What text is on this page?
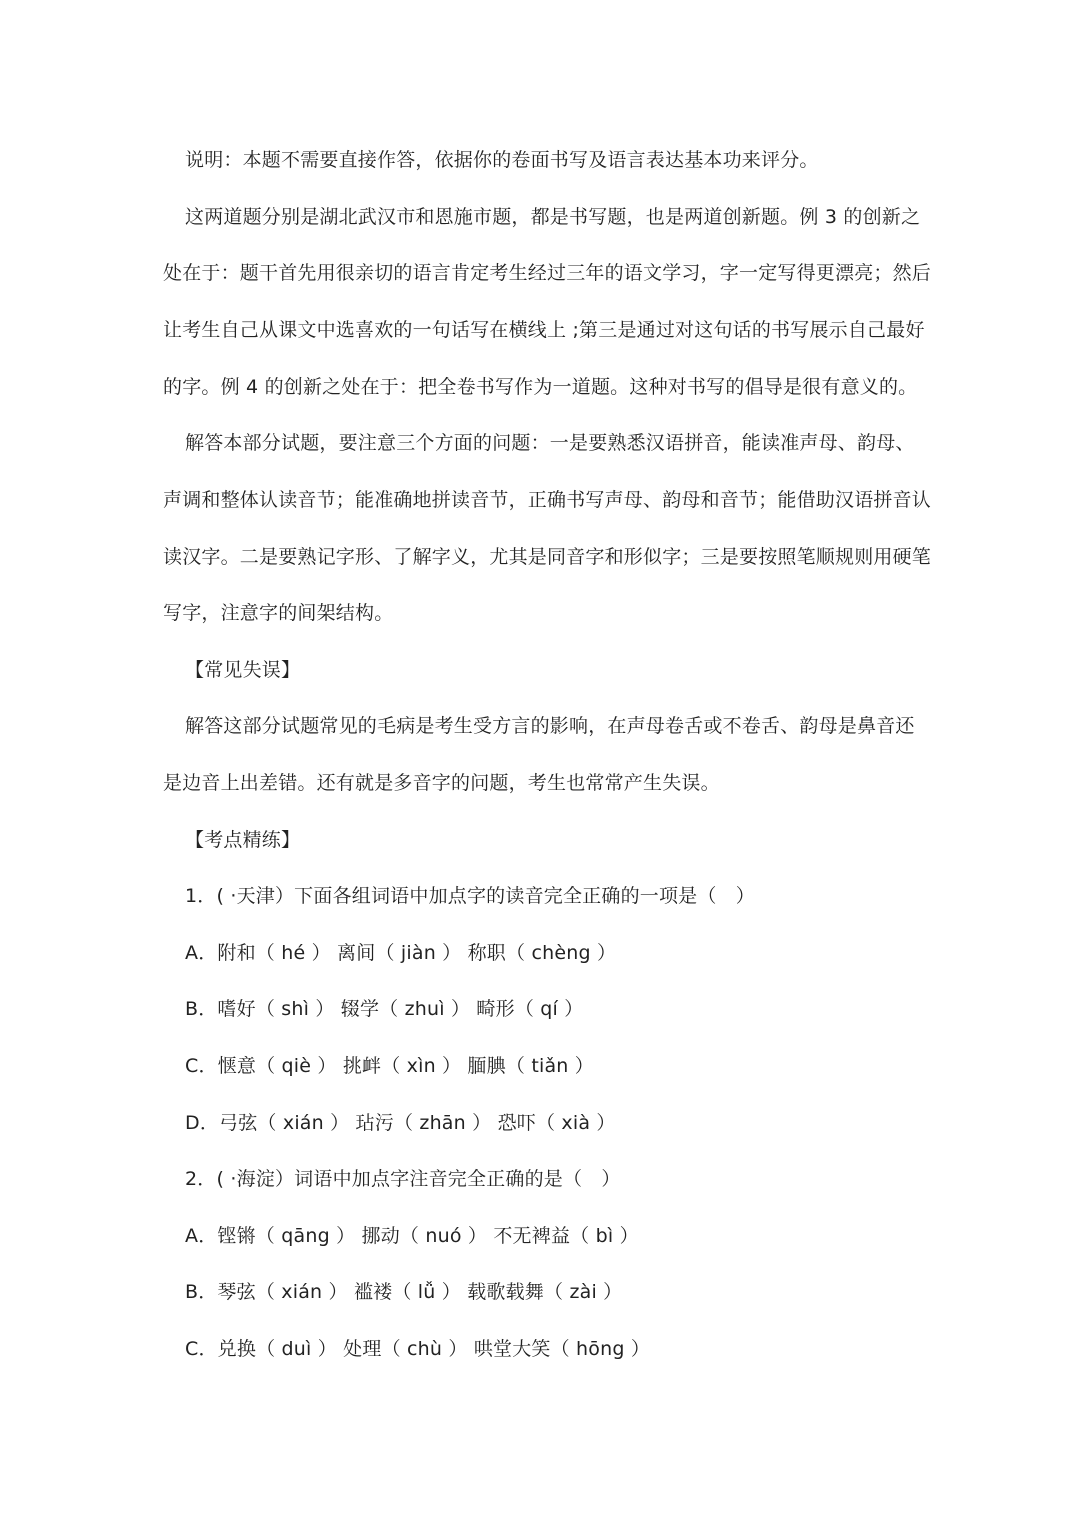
说明：本题不需要直接作答，依据你的卷面书写及语言表达基本功来评分。
这两道题分别是湖北武汉市和恩施市题，都是书写题，也是两道创新题。例 3 的创新之
处在于：题干首先用很亲切的语言肯定考生经过三年的语文学习，字一定写得更漂亮；然后
让考生自己从课文中选喜欢的一句话写在横线上 ;第三是通过对这句话的书写展示自己最好
的字。例 4 的创新之处在于：把全卷书写作为一道题。这种对书写的倡导是很有意义的。
解答本部分试题，要注意三个方面的问题：一是要熟悉汉语拼音，能读准声母、韵母、
声调和整体认读音节；能准确地拼读音节，正确书写声母、韵母和音节；能借助汉语拼音认
读汉字。二是要熟记字形、了解字义，尤其是同音字和形似字；三是要按照笔顺规则用硬笔
写字，注意字的间架结构。
【常见失误】
解答这部分试题常见的毛病是考生受方言的影响，在声母卷舌或不卷舌、韵母是鼻音还
是边音上出差错。还有就是多音字的问题，考生也常常产生失误。
【考点精练】
1．( ·天津）下面各组词语中加点字的读音完全正确的一项是（　）
A．附和（ hé ） 离间（ jiàn ） 称职（ chèng ）
B．嗜好（ shì ） 辍学（ zhuì ） 畸形（ qí ）
C．惬意（ qiè ） 挑衅（ xìn ） 腼腆（ tiǎn ）
D．弓弦（ xián ） 玷污（ zhān ） 恐吓（ xià ）
2．( ·海淀）词语中加点字注音完全正确的是（　）
A．铿锵（ qāng ） 挪动（ nuó ） 不无裨益（ bì ）
B．琴弦（ xián ） 褴褛（ lǚ ） 载歌载舞（ zài ）
C．兑换（ duì ） 处理（ chù ） 哄堂大笑（ hōng ）
